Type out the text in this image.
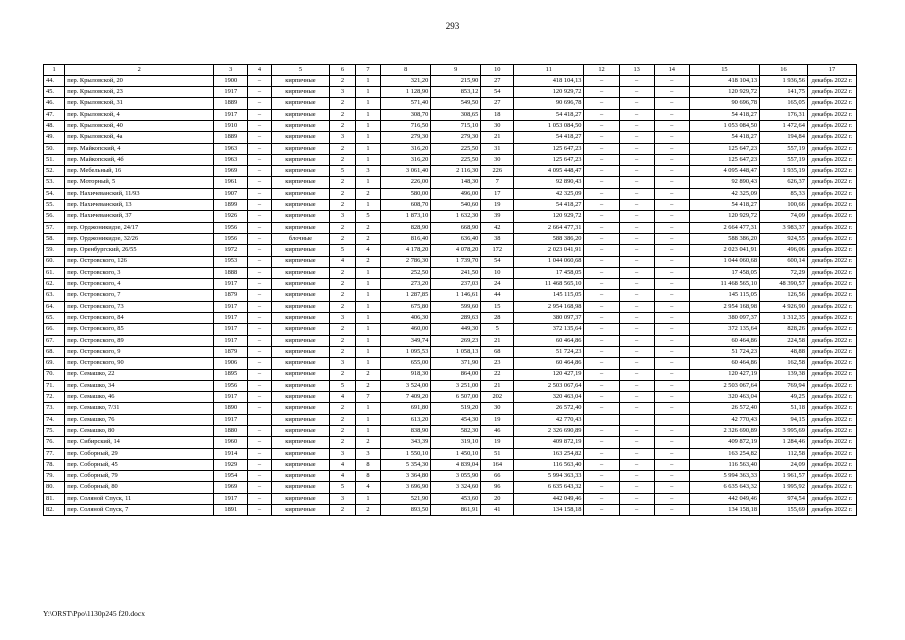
293
1	2	3	4	5	6	7	8	9	10	11	12	13	14	15	16	17
44.	пер. Крыловской, 20	1900	–	кирпичные	2	1	321,20	215,90	27	418 104,13	–	–	–	418 104,13	1 936,56	декабрь 2022 г.
45.	пер. Крыловской, 23	1917	–	кирпичные	3	1	1 128,90	853,12	54	120 929,72	–	–	–	120 929,72	141,75	декабрь 2022 г.
46.	пер. Крыловской, 31	1889	–	кирпичные	2	1	571,40	549,50	27	90 696,78	–	–	–	90 696,78	165,05	декабрь 2022 г.
47.	пер. Крыловской, 4	1917	–	кирпичные	2	1	308,70	308,65	18	54 418,27	–	–	–	54 418,27	176,31	декабрь 2022 г.
48.	пер. Крыловской, 40	1910	–	кирпичные	2	1	716,50	715,10	30	1 053 084,50	–	–	–	1 053 084,50	1 472,64	декабрь 2022 г.
49.	пер. Крыловской, 4а	1889	–	кирпичные	3	1	279,30	279,30	21	54 418,27	–	–	–	54 418,27	194,84	декабрь 2022 г.
50.	пер. Майкопский, 4	1963	–	кирпичные	2	1	316,20	225,50	31	125 647,23	–	–	–	125 647,23	557,19	декабрь 2022 г.
51.	пер. Майкопский, 4б	1963	–	кирпичные	2	1	316,20	225,50	30	125 647,23	–	–	–	125 647,23	557,19	декабрь 2022 г.
52.	пер. Мебельный, 16	1969	–	кирпичные	5	3	3 061,40	2 116,30	226	4 095 448,47	–	–	–	4 095 448,47	1 935,19	декабрь 2022 г.
53.	пер. Моторный, 5	1961	–	кирпичные	2	1	226,00	148,30	7	92 890,43	–	–	–	92 890,43	626,37	декабрь 2022 г.
54.	пер. Нахичеванский, 11/93	1907	–	кирпичные	2	2	580,00	496,00	17	42 325,09	–	–	–	42 325,09	85,33	декабрь 2022 г.
55.	пер. Нахичеванский, 13	1899	–	кирпичные	2	1	608,70	540,60	19	54 418,27	–	–	–	54 418,27	100,66	декабрь 2022 г.
56.	пер. Нахичеванский, 37	1926	–	кирпичные	3	5	1 873,10	1 632,30	39	120 929,72	–	–	–	120 929,72	74,09	декабрь 2022 г.
57.	пер. Орджоникидзе, 24/17	1956	–	кирпичные	2	2	828,90	668,90	42	2 664 477,31	–	–	–	2 664 477,31	3 983,37	декабрь 2022 г.
58.	пер. Орджоникидзе, 32/26	1956	–	блочные	2	2	816,40	636,40	38	588 386,20	–	–	–	588 386,20	924,55	декабрь 2022 г.
59.	пер. Оренбургский, 26/55	1972	–	кирпичные	5	4	4 178,20	4 078,20	172	2 023 041,91	–	–	–	2 023 041,91	496,06	декабрь 2022 г.
60.	пер. Островского, 126	1953	–	кирпичные	4	2	2 786,30	1 739,70	54	1 044 060,68	–	–	–	1 044 060,68	600,14	декабрь 2022 г.
61.	пер. Островского, 3	1888	–	кирпичные	2	1	252,50	241,50	10	17 458,05	–	–	–	17 458,05	72,29	декабрь 2022 г.
62.	пер. Островского, 4	1917	–	кирпичные	2	1	273,20	237,03	24	11 468 565,10	–	–	–	11 468 565,10	48 390,57	декабрь 2022 г.
63.	пер. Островского, 7	1879	–	кирпичные	2	1	1 287,85	1 146,61	44	145 115,05	–	–	–	145 115,05	126,56	декабрь 2022 г.
64.	пер. Островского, 73	1917	–	кирпичные	2	1	675,80	599,60	15	2 954 168,98	–	–	–	2 954 168,98	4 926,90	декабрь 2022 г.
65.	пер. Островского, 84	1917	–	кирпичные	3	1	406,30	289,63	28	380 097,37	–	–	–	380 097,37	1 312,35	декабрь 2022 г.
66.	пер. Островского, 85	1917	–	кирпичные	2	1	460,00	449,30	5	372 135,64	–	–	–	372 135,64	828,26	декабрь 2022 г.
67.	пер. Островского, 89	1917	–	кирпичные	2	1	349,74	269,23	21	60 464,86	–	–	–	60 464,86	224,58	декабрь 2022 г.
68.	пер. Островского, 9	1879	–	кирпичные	2	1	1 095,53	1 058,13	68	51 724,23	–	–	–	51 724,23	48,88	декабрь 2022 г.
69.	пер. Островского, 90	1906	–	кирпичные	3	1	655,00	371,90	23	60 464,86	–	–	–	60 464,86	162,58	декабрь 2022 г.
70.	пер. Семашко, 22	1895	–	кирпичные	2	2	918,30	864,00	22	120 427,19	–	–	–	120 427,19	139,38	декабрь 2022 г.
71.	пер. Семашко, 34	1956	–	кирпичные	5	2	3 524,00	3 251,00	21	2 503 067,64	–	–	–	2 503 067,64	769,94	декабрь 2022 г.
72.	пер. Семашко, 46	1917	–	кирпичные	4	7	7 409,20	6 507,00	202	320 463,04	–	–	–	320 463,04	49,25	декабрь 2022 г.
73.	пер. Семашко, 7/31	1890	–	кирпичные	2	1	691,80	519,20	30	26 572,40	–	–	–	26 572,40	51,18	декабрь 2022 г.
74.	пер. Семашко, 76	1917		кирпичные	2	1	613,20	454,30	19	42 770,43				42 770,43	94,15	декабрь 2022 г.
75.	пер. Семашко, 80	1880	–	кирпичные	2	1	838,90	582,30	46	2 326 690,89	–	–	–	2 326 690,89	3 995,69	декабрь 2022 г.
76.	пер. Сибирский, 14	1960	–	кирпичные	2	2	343,39	319,10	19	409 872,19	–	–	–	409 872,19	1 284,46	декабрь 2022 г.
77.	пер. Соборный, 29	1914	–	кирпичные	3	3	1 550,10	1 450,10	51	163 254,82	–	–	–	163 254,82	112,58	декабрь 2022 г.
78.	пер. Соборный, 45	1929	–	кирпичные	4	8	5 354,30	4 839,04	164	116 563,40	–	–	–	116 563,40	24,09	декабрь 2022 г.
79.	пер. Соборный, 79	1954	–	кирпичные	4	8	3 364,80	3 055,90	66	5 994 363,33	–	–	–	5 994 363,33	1 961,57	декабрь 2022 г.
80.	пер. Соборный, 80	1969	–	кирпичные	5	4	3 696,90	3 324,60	96	6 635 643,32	–	–	–	6 635 643,32	1 995,92	декабрь 2022 г.
81.	пер. Соляной Спуск, 11	1917	–	кирпичные	3	1	521,90	453,60	20	442 049,46	–	–	–	442 049,46	974,54	декабрь 2022 г.
82.	пер. Соляной Спуск, 7	1891	–	кирпичные	2	2	893,50	861,91	41	134 158,18	–	–	–	134 158,18	155,69	декабрь 2022 г.
Y:\ORST\Ppo\1130p245 f20.docx
